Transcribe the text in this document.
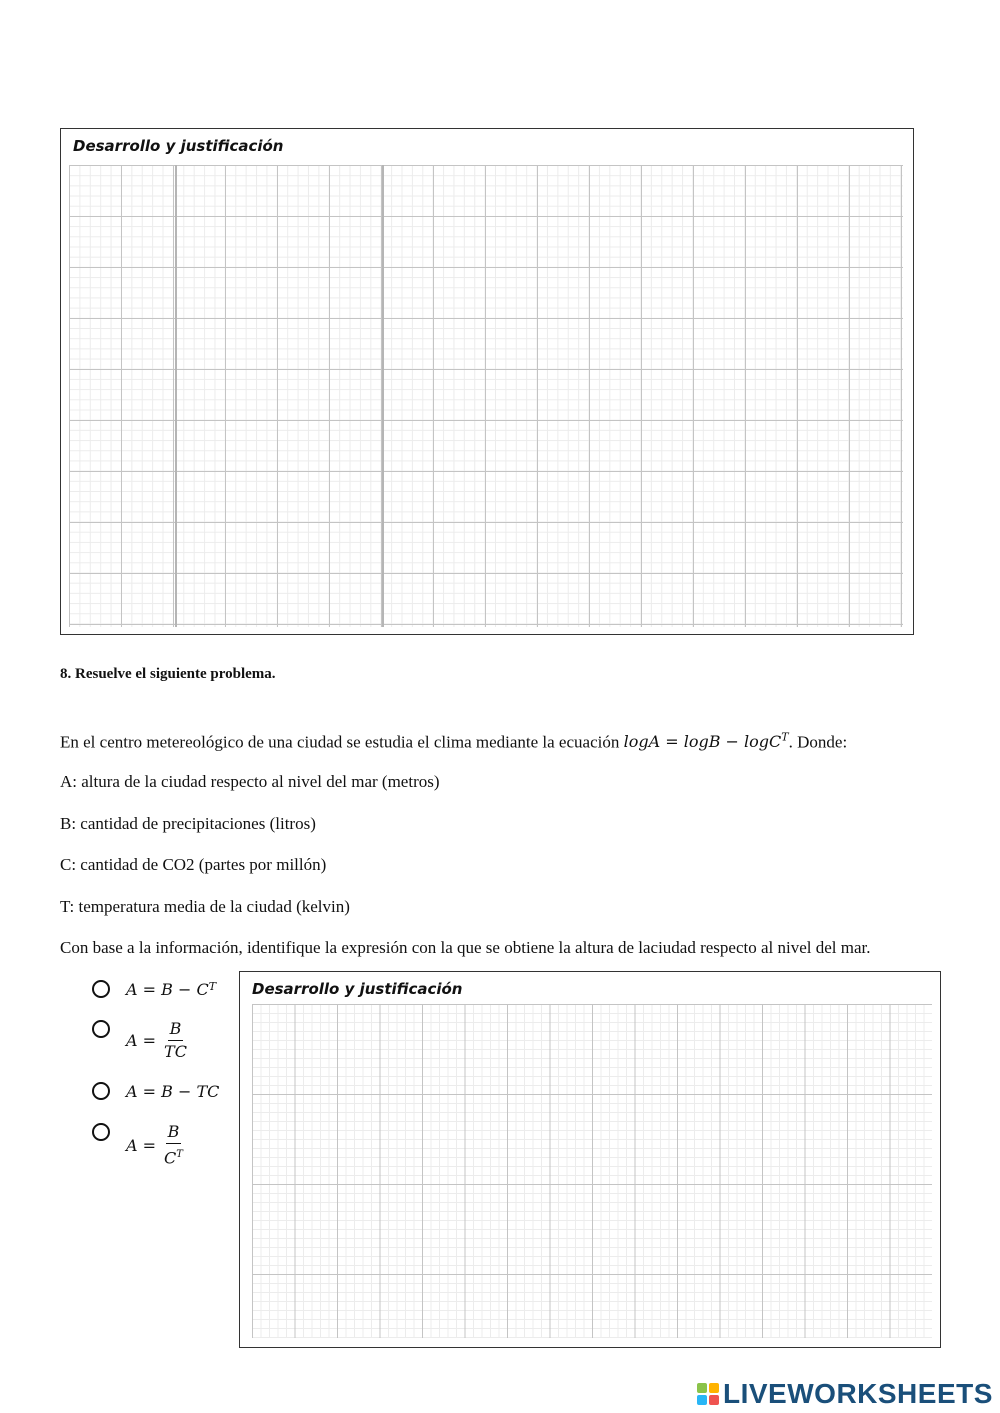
Desarrollo y justificación
8. Resuelve el siguiente problema.
En el centro metereológico de una ciudad se estudia el clima mediante la ecuación logA = logB − logC$^T$. Donde:
A: altura de la ciudad respecto al nivel del mar (metros)
B: cantidad de precipitaciones (litros)
C: cantidad de CO2 (partes por millón)
T: temperatura media de la ciudad (kelvin)
Con base a la información, identifique la expresión con la que se obtiene la altura de laciudad respecto al nivel del mar.
A = B − C T
$A = \frac{B}{TC}$
A = B − TC
$A = \frac{B}{C^T}$
Desarrollo y justificación
LIVEWORKSHEETS
